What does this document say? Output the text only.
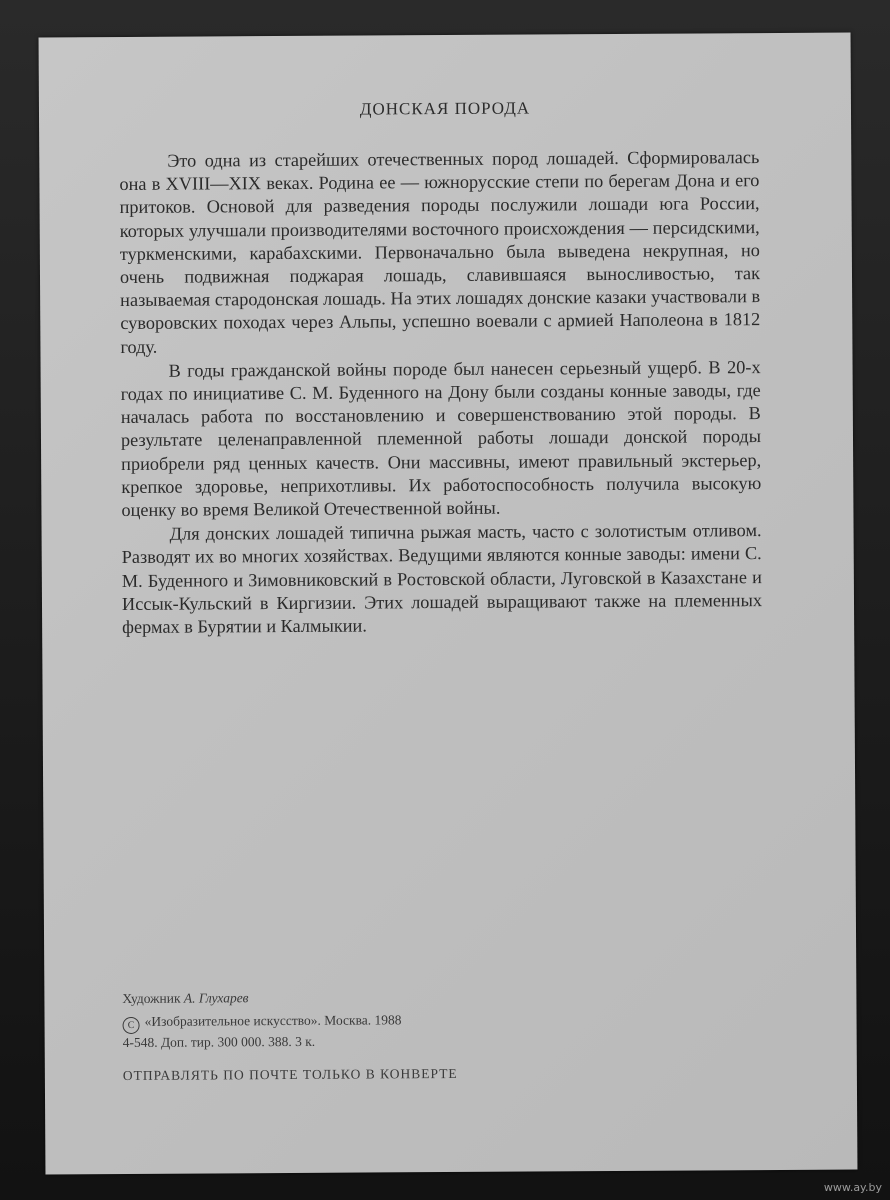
ДОНСКАЯ ПОРОДА

Это одна из старейших отечественных пород лошадей. Сформировалась она в XVIII—XIX веках. Родина ее — южнорусские степи по берегам Дона и его притоков. Основой для разведения породы послужили лошади юга России, которых улучшали производителями восточного происхождения — персидскими, туркменскими, карабахскими. Первоначально была выведена некрупная, но очень подвижная поджарая лошадь, славившаяся выносливостью, так называемая стародонская лошадь. На этих лошадях донские казаки участвовали в суворовских походах через Альпы, успешно воевали с армией Наполеона в 1812 году.

В годы гражданской войны породе был нанесен серьезный ущерб. В 20-х годах по инициативе С. М. Буденного на Дону были созданы конные заводы, где началась работа по восстановлению и совершенствованию этой породы. В результате целенаправленной племенной работы лошади донской породы приобрели ряд ценных качеств. Они массивны, имеют правильный экстерьер, крепкое здоровье, неприхотливы. Их работоспособность получила высокую оценку во время Великой Отечественной войны.

Для донских лошадей типична рыжая масть, часто с золотистым отливом. Разводят их во многих хозяйствах. Ведущими являются конные заводы: имени С. М. Буденного и Зимовниковский в Ростовской области, Луговской в Казахстане и Иссык-Кульский в Киргизии. Этих лошадей выращивают также на племенных фермах в Бурятии и Калмыкии.

Художник А. Глухарев
C «Изобразительное искусство». Москва. 1988
4-548. Доп. тир. 300 000. 388. 3 к.
ОТПРАВЛЯТЬ ПО ПОЧТЕ ТОЛЬКО В КОНВЕРТЕ
www.ay.by
